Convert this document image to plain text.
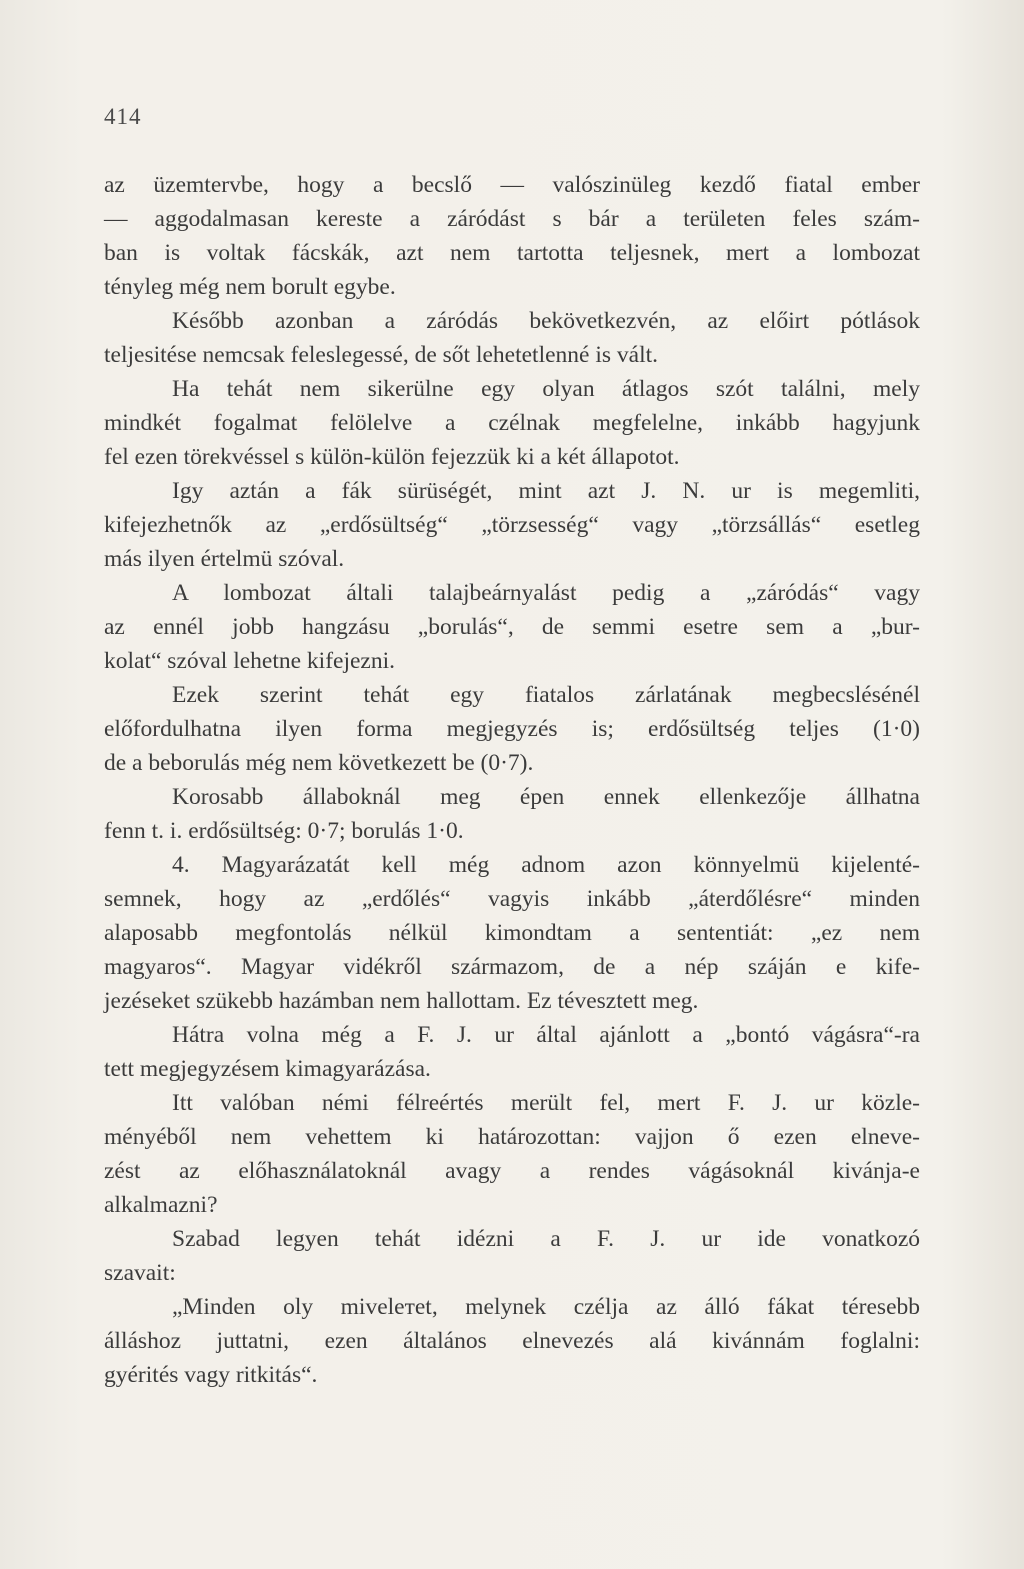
414
az üzemtervbe, hogy a becslő — valószinüleg kezdő fiatal ember
— aggodalmasan kereste a záródást s bár a területen feles szám-
ban is voltak fácskák, azt nem tartotta teljesnek, mert a lombozat
tényleg még nem borult egybe.
Később azonban a záródás bekövetkezvén, az előirt pótlások
teljesitése nemcsak feleslegessé, de sőt lehetetlenné is vált.
Ha tehát nem sikerülne egy olyan átlagos szót találni, mely
mindkét fogalmat felölelve a czélnak megfelelne, inkább hagyjunk
fel ezen törekvéssel s külön-külön fejezzük ki a két állapotot.
Igy aztán a fák sürüségét, mint azt J. N. ur is megemliti,
kifejezhetnők az „erdősültség“ „törzsesség“ vagy „törzsállás“ esetleg
más ilyen értelmü szóval.
A lombozat általi talajbeárnyalást pedig a „záródás“ vagy
az ennél jobb hangzásu „borulás“, de semmi esetre sem a „bur-
kolat“ szóval lehetne kifejezni.
Ezek szerint tehát egy fiatalos zárlatának megbecslésénél
előfordulhatna ilyen forma megjegyzés is; erdősültség teljes (1·0)
de a beborulás még nem következett be (0·7).
Korosabb állaboknál meg épen ennek ellenkezője állhatna
fenn t. i. erdősültség: 0·7; borulás 1·0.
4. Magyarázatát kell még adnom azon könnyelmü kijelenté-
semnek, hogy az „erdőlés“ vagyis inkább „áterdőlésre“ minden
alaposabb megfontolás nélkül kimondtam a sententiát: „ez nem
magyaros“. Magyar vidékről származom, de a nép száján e kife-
jezéseket szükebb hazámban nem hallottam. Ez tévesztett meg.
Hátra volna még a F. J. ur által ajánlott a „bontó vágásra“-ra
tett megjegyzésem kimagyarázása.
Itt valóban némi félreértés merült fel, mert F. J. ur közle-
ményéből nem vehettem ki határozottan: vajjon ő ezen elneve-
zést az előhasználatoknál avagy a rendes vágásoknál kivánja-e
alkalmazni?
Szabad legyen tehát idézni a F. J. ur ide vonatkozó
szavait:
„Minden oly mivelетet, melynek czélja az álló fákat téresebb
álláshoz juttatni, ezen általános elnevezés alá kivánnám foglalni:
gyérités vagy ritkitás“.
